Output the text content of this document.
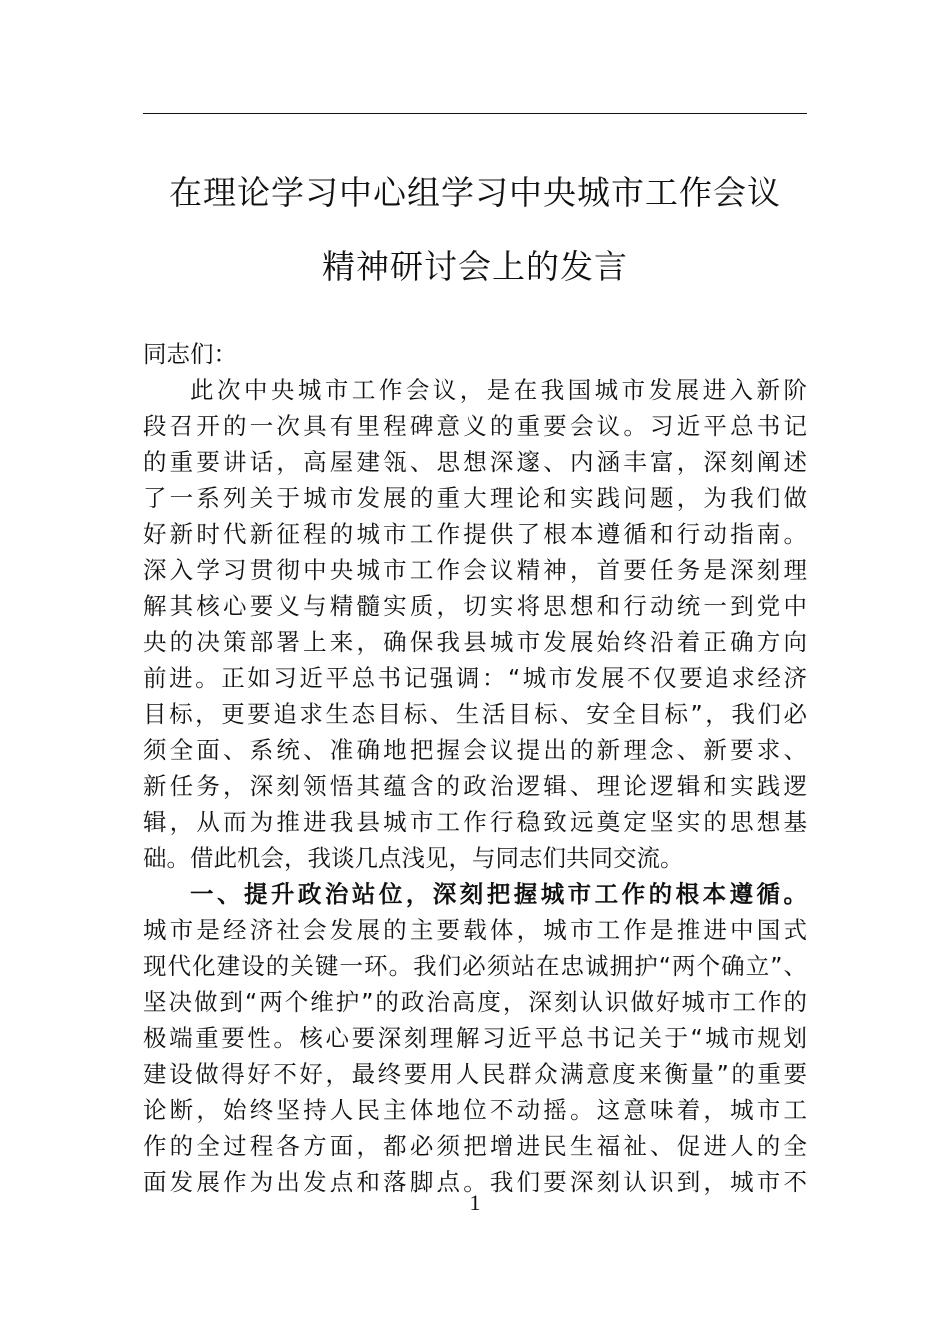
在理论学习中心组学习中央城市工作会议
精神研讨会上的发言
同志们：
此次中央城市工作会议，是在我国城市发展进入新阶
段召开的一次具有里程碑意义的重要会议。习近平总书记
的重要讲话，高屋建瓴、思想深邃、内涵丰富，深刻阐述
了一系列关于城市发展的重大理论和实践问题，为我们做
好新时代新征程的城市工作提供了根本遵循和行动指南。
深入学习贯彻中央城市工作会议精神，首要任务是深刻理
解其核心要义与精髓实质，切实将思想和行动统一到党中
央的决策部署上来，确保我县城市发展始终沿着正确方向
前进。正如习近平总书记强调：“城市发展不仅要追求经济
目标，更要追求生态目标、生活目标、安全目标”，我们必
须全面、系统、准确地把握会议提出的新理念、新要求、
新任务，深刻领悟其蕴含的政治逻辑、理论逻辑和实践逻
辑，从而为推进我县城市工作行稳致远奠定坚实的思想基
础。借此机会，我谈几点浅见，与同志们共同交流。
一、提升政治站位，深刻把握城市工作的根本遵循。
城市是经济社会发展的主要载体，城市工作是推进中国式
现代化建设的关键一环。我们必须站在忠诚拥护“两个确立”、
坚决做到“两个维护”的政治高度，深刻认识做好城市工作的
极端重要性。核心要深刻理解习近平总书记关于“城市规划
建设做得好不好，最终要用人民群众满意度来衡量”的重要
论断，始终坚持人民主体地位不动摇。这意味着，城市工
作的全过程各方面，都必须把增进民生福祉、促进人的全
面发展作为出发点和落脚点。我们要深刻认识到，城市不
1
